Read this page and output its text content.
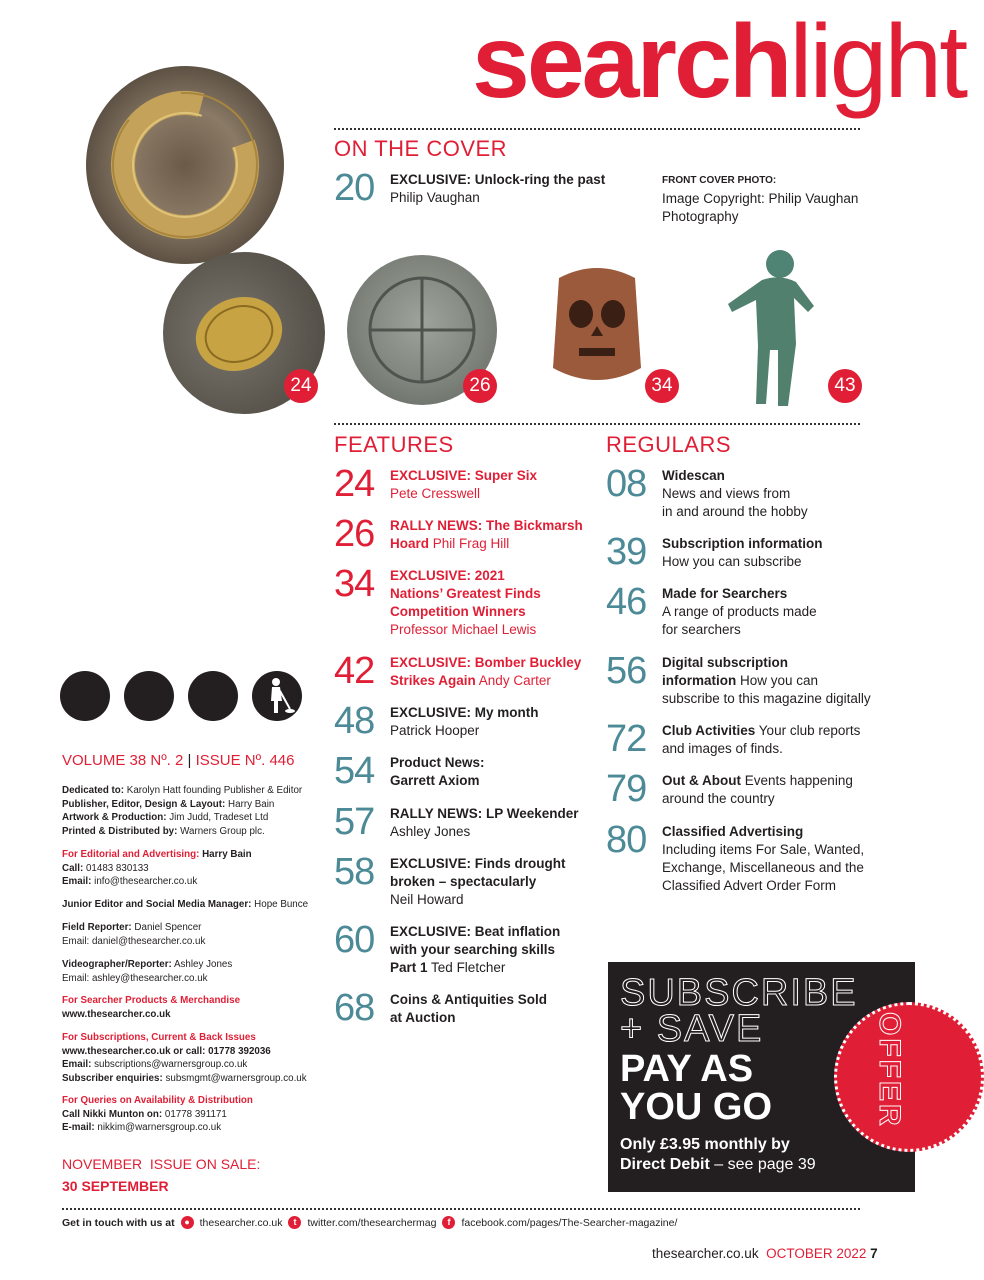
searchlight
ON THE COVER
20	EXCLUSIVE: Unlock-ring the past
Philip Vaughan
FRONT COVER PHOTO:
Image Copyright: Philip Vaughan
Photography
24	26	34	43
FEATURES
24	EXCLUSIVE: Super Six
Pete Cresswell
26	RALLY NEWS: The Bickmarsh
Hoard Phil Frag Hill
34	EXCLUSIVE: 2021
Nations’ Greatest Finds
Competition Winners
Professor Michael Lewis
42	EXCLUSIVE: Bomber Buckley
Strikes Again Andy Carter
48	EXCLUSIVE: My month
Patrick Hooper
54	Product News:
Garrett Axiom
57	RALLY NEWS: LP Weekender
Ashley Jones
58	EXCLUSIVE: Finds drought
broken – spectacularly
Neil Howard
60	EXCLUSIVE: Beat inflation
with your searching skills
Part 1 Ted Fletcher
68	Coins & Antiquities Sold
at Auction
REGULARS
08	Widescan
News and views from
in and around the hobby
39	Subscription information
How you can subscribe
46	Made for Searchers
A range of products made
for searchers
56	Digital subscription
information How you can
subscribe to this magazine digitally
72	Club Activities Your club reports
and images of finds.
79	Out & About Events happening
around the country
80	Classified Advertising
Including items For Sale, Wanted,
Exchange, Miscellaneous and the
Classified Advert Order Form
VOLUME 38 Nº. 2 | ISSUE Nº. 446
Dedicated to: Karolyn Hatt founding Publisher & Editor
Publisher, Editor, Design & Layout: Harry Bain
Artwork & Production: Jim Judd, Tradeset Ltd
Printed & Distributed by: Warners Group plc.
For Editorial and Advertising: Harry Bain
Call: 01483 830133
Email: info@thesearcher.co.uk
Junior Editor and Social Media Manager: Hope Bunce
Field Reporter: Daniel Spencer
Email: daniel@thesearcher.co.uk
Videographer/Reporter: Ashley Jones
Email: ashley@thesearcher.co.uk
For Searcher Products & Merchandise
www.thesearcher.co.uk
For Subscriptions, Current & Back Issues
www.thesearcher.co.uk or call: 01778 392036
Email: subscriptions@warnersgroup.co.uk
Subscriber enquiries: subsmgmt@warnersgroup.co.uk
For Queries on Availability & Distribution
Call Nikki Munton on: 01778 391171
E-mail: nikkim@warnersgroup.co.uk
NOVEMBER  ISSUE ON SALE:
30 SEPTEMBER
OFFER
SUBSCRIBE
+ SAVE
PAY AS
YOU GO
Only £3.95 monthly by
Direct Debit – see page 39
Get in touch with us at	● thesearcher.co.uk	t	twitter.com/thesearchermag	f	facebook.com/pages/The-Searcher-magazine/
thesearcher.co.uk OCTOBER 2022 7
